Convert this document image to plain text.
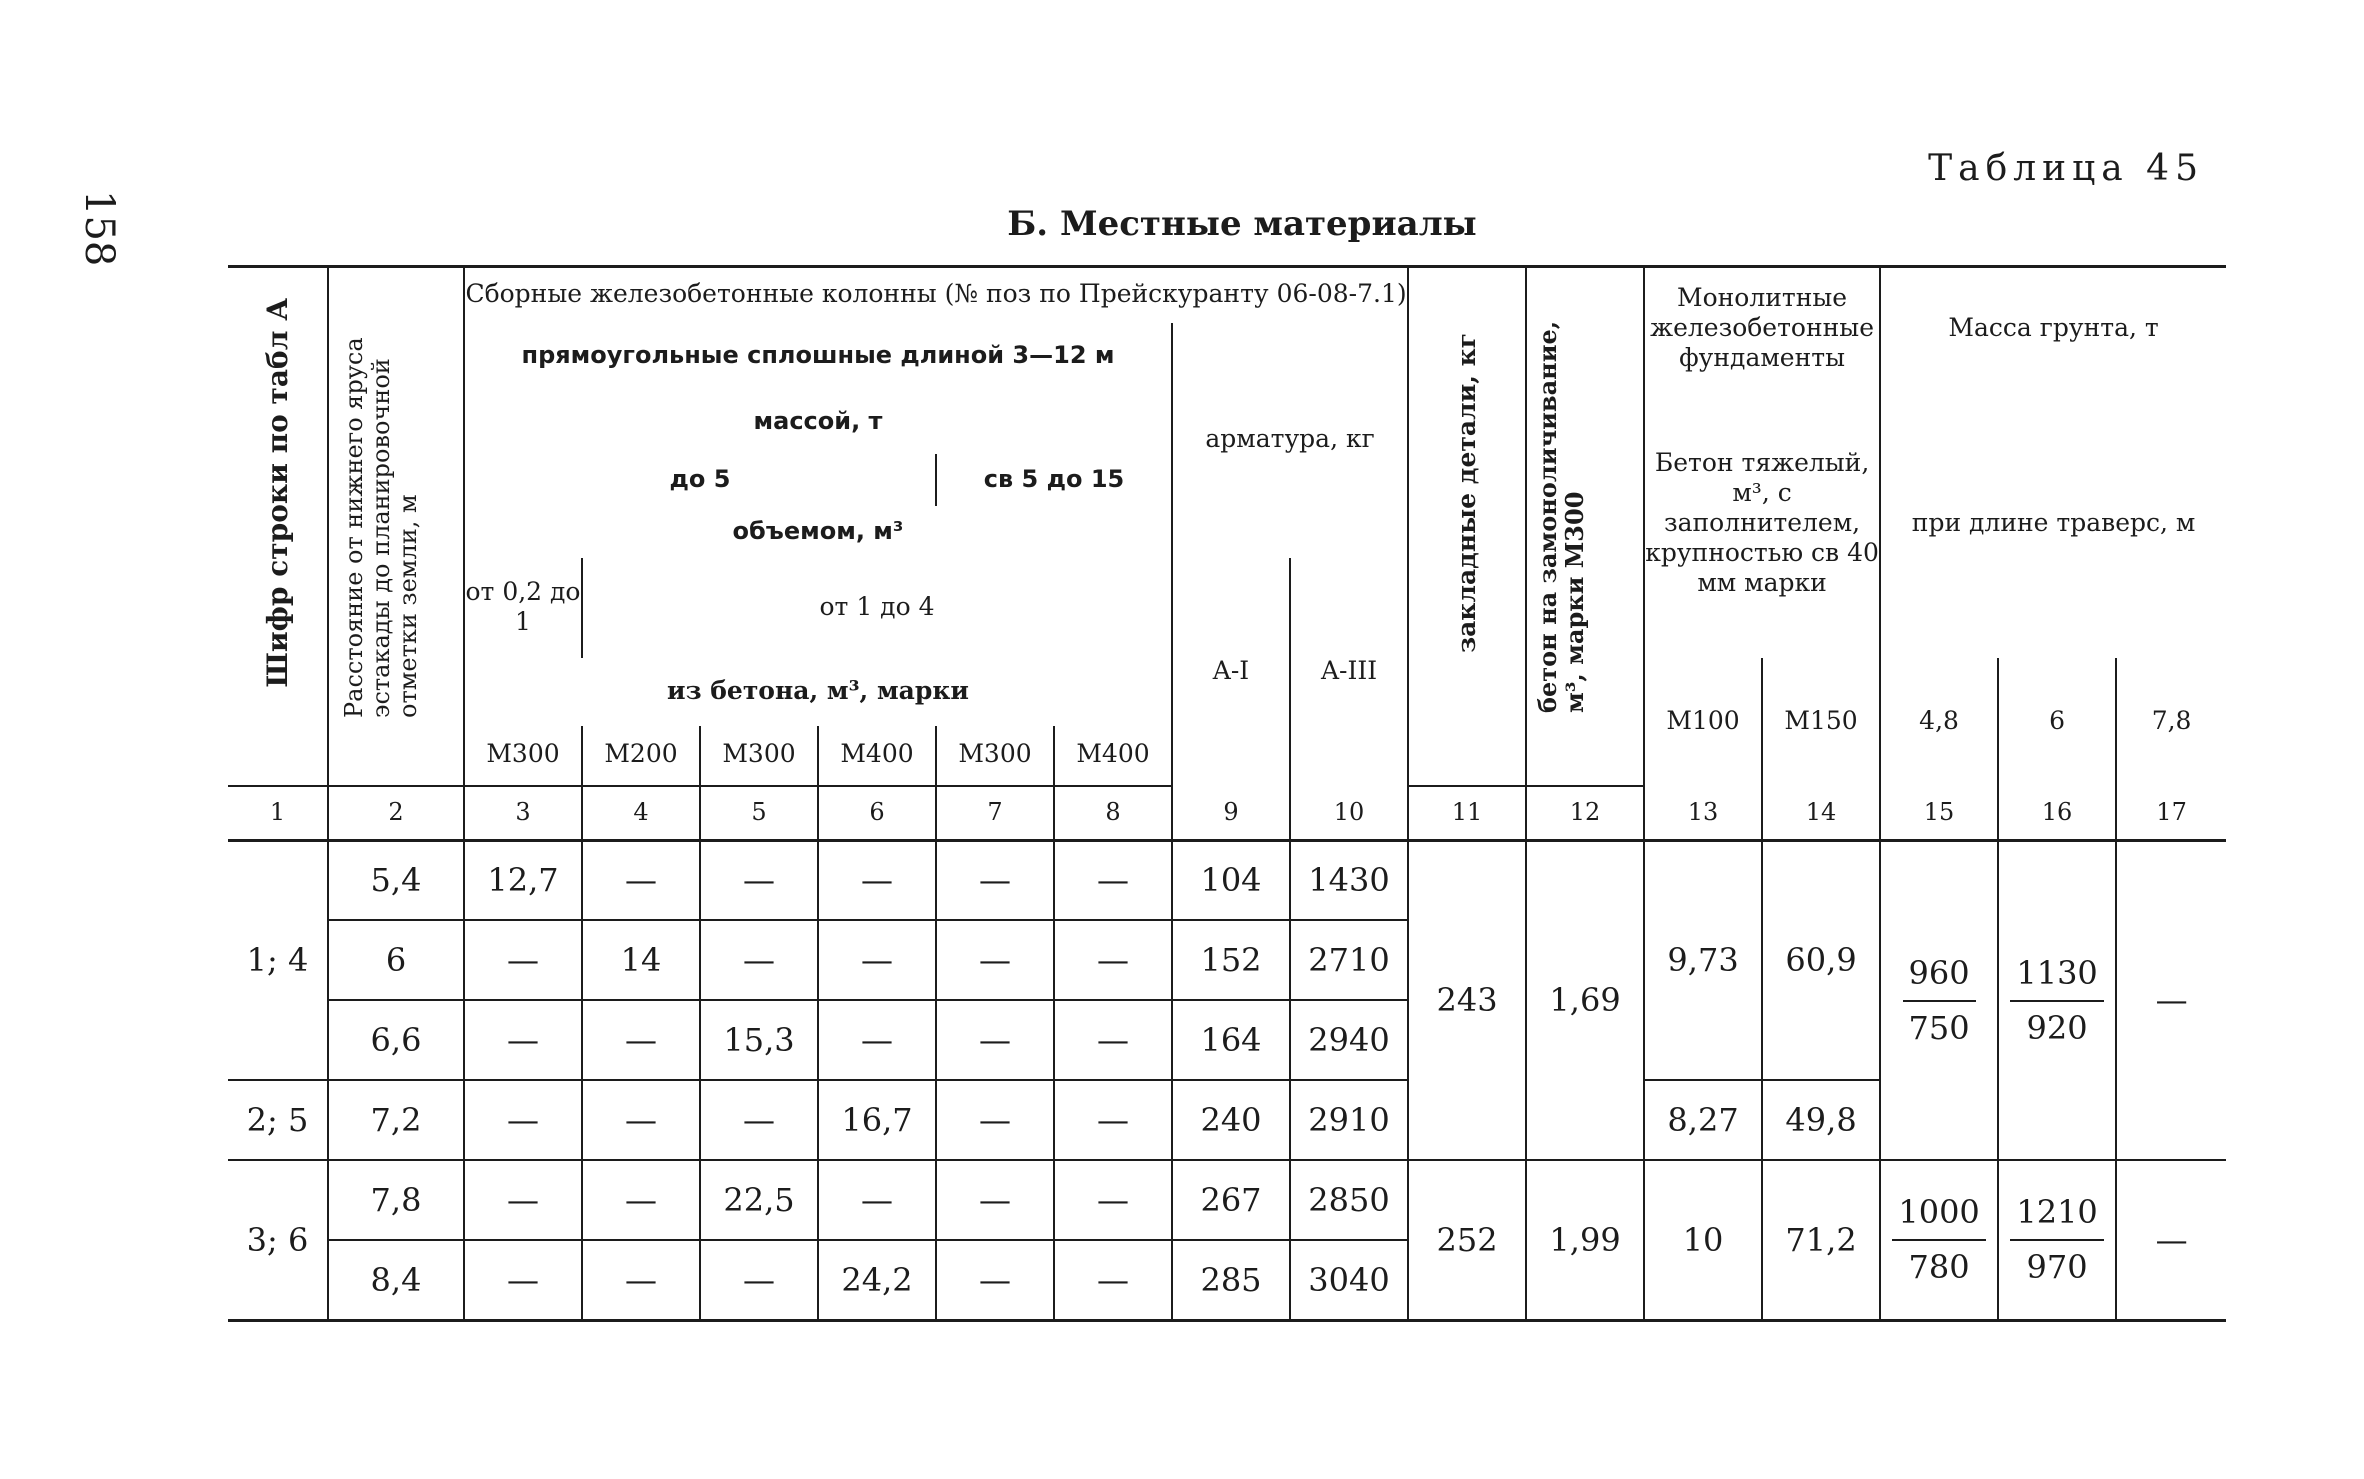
158
Таблица 45
Б. Местные материалы
Шифр строки по табл А	Расстояние от нижнего яруса эстакады до планировочной отметки земли, м	Сборные железобетонные колонны (№ поз по Прейскуранту 06-08-7.1)								закладные детали, кг	бетон на замоноличивание, м³, марки М300	Монолитные железобетонные фундаменты		Масса грунта, т		
		прямоугольные сплошные длиной 3—12 м						арматура, кг								
		массой, т										Бетон тяжелый, м³, с заполнителем, крупностью св 40 мм марки		при длине траверс, м		
		до 5				св 5 до 15										
		объемом, м³														
		от 0,2 до 1	от 1 до 4					A-I	A-III							
		из бетона, м³, марки										М100	М150	4,8	6	7,8
		М300	М200	М300	М400	М300	М400									
1	2	3	4	5	6	7	8	9	10	11	12	13	14	15	16	17
1; 4	5,4	12,7	—	—	—	—	—	104	1430	243	1,69	9,73	60,9	$\frac{960}{750}$	$\frac{1130}{920}$	—
	6	—	14	—	—	—	—	152	2710							
	6,6	—	—	15,3	—	—	—	164	2940							
2; 5	7,2	—	—	—	16,7	—	—	240	2910			8,27	49,8			
3; 6	7,8	—	—	22,5	—	—	—	267	2850	252	1,99	10	71,2	$\frac{1000}{780}$	$\frac{1210}{970}$	—
	8,4	—	—	—	24,2	—	—	285	3040							
